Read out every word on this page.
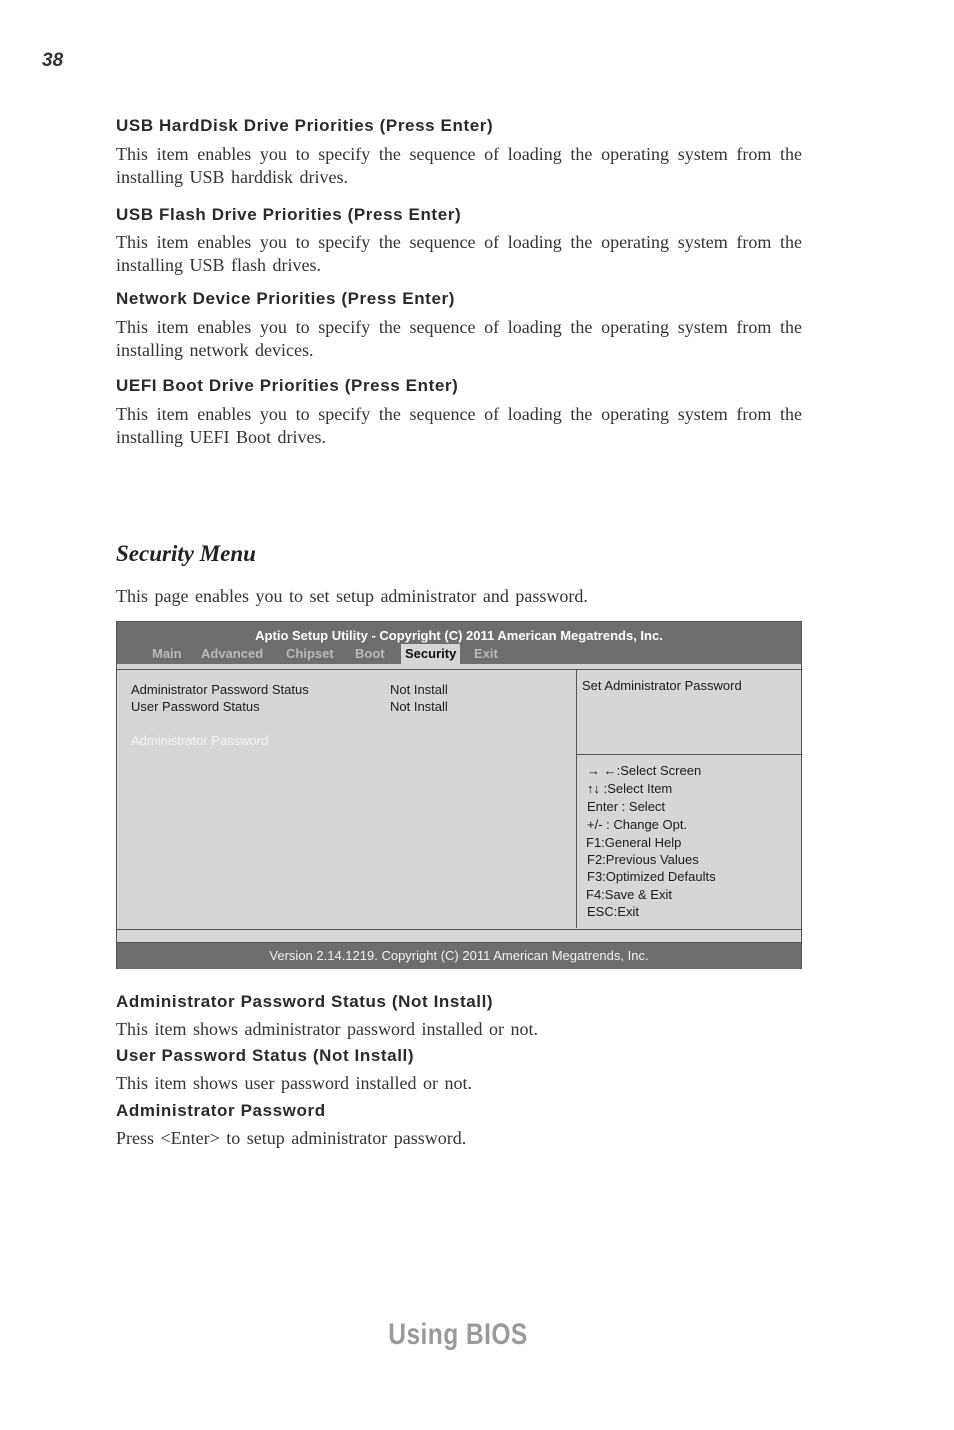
38
USB HardDisk Drive Priorities (Press Enter)

This item enables you to specify the sequence of loading the operating system from the installing USB harddisk drives.

USB Flash Drive Priorities (Press Enter)

This item enables you to specify the sequence of loading the operating system from the installing USB flash drives.

Network Device Priorities (Press Enter)

This item enables you to specify the sequence of loading the operating system from the installing network devices.

UEFI Boot Drive Priorities (Press Enter)

This item enables you to specify the sequence of loading the operating system from the installing UEFI Boot drives.

Security Menu
This page enables you to set setup administrator and password.
Aptio Setup Utility - Copyright (C) 2011 American Megatrends, Inc.
Main Advanced Chipset Boot	Security	Exit
Administrator Password Status	Not Install
User Password Status	Not Install
Administrator Password
Set Administrator Password
→ ←:Select Screen
↑↓ :Select Item
Enter : Select
+/- : Change Opt.
F1:General Help
F2:Previous Values
F3:Optimized Defaults
F4:Save & Exit
ESC:Exit
Version 2.14.1219. Copyright (C) 2011 American Megatrends, Inc.
Administrator Password Status (Not Install)

This item shows administrator password installed or not.

User Password Status (Not Install)

This item shows user password installed or not.

Administrator Password

Press <Enter> to setup administrator password.

Using BIOS
